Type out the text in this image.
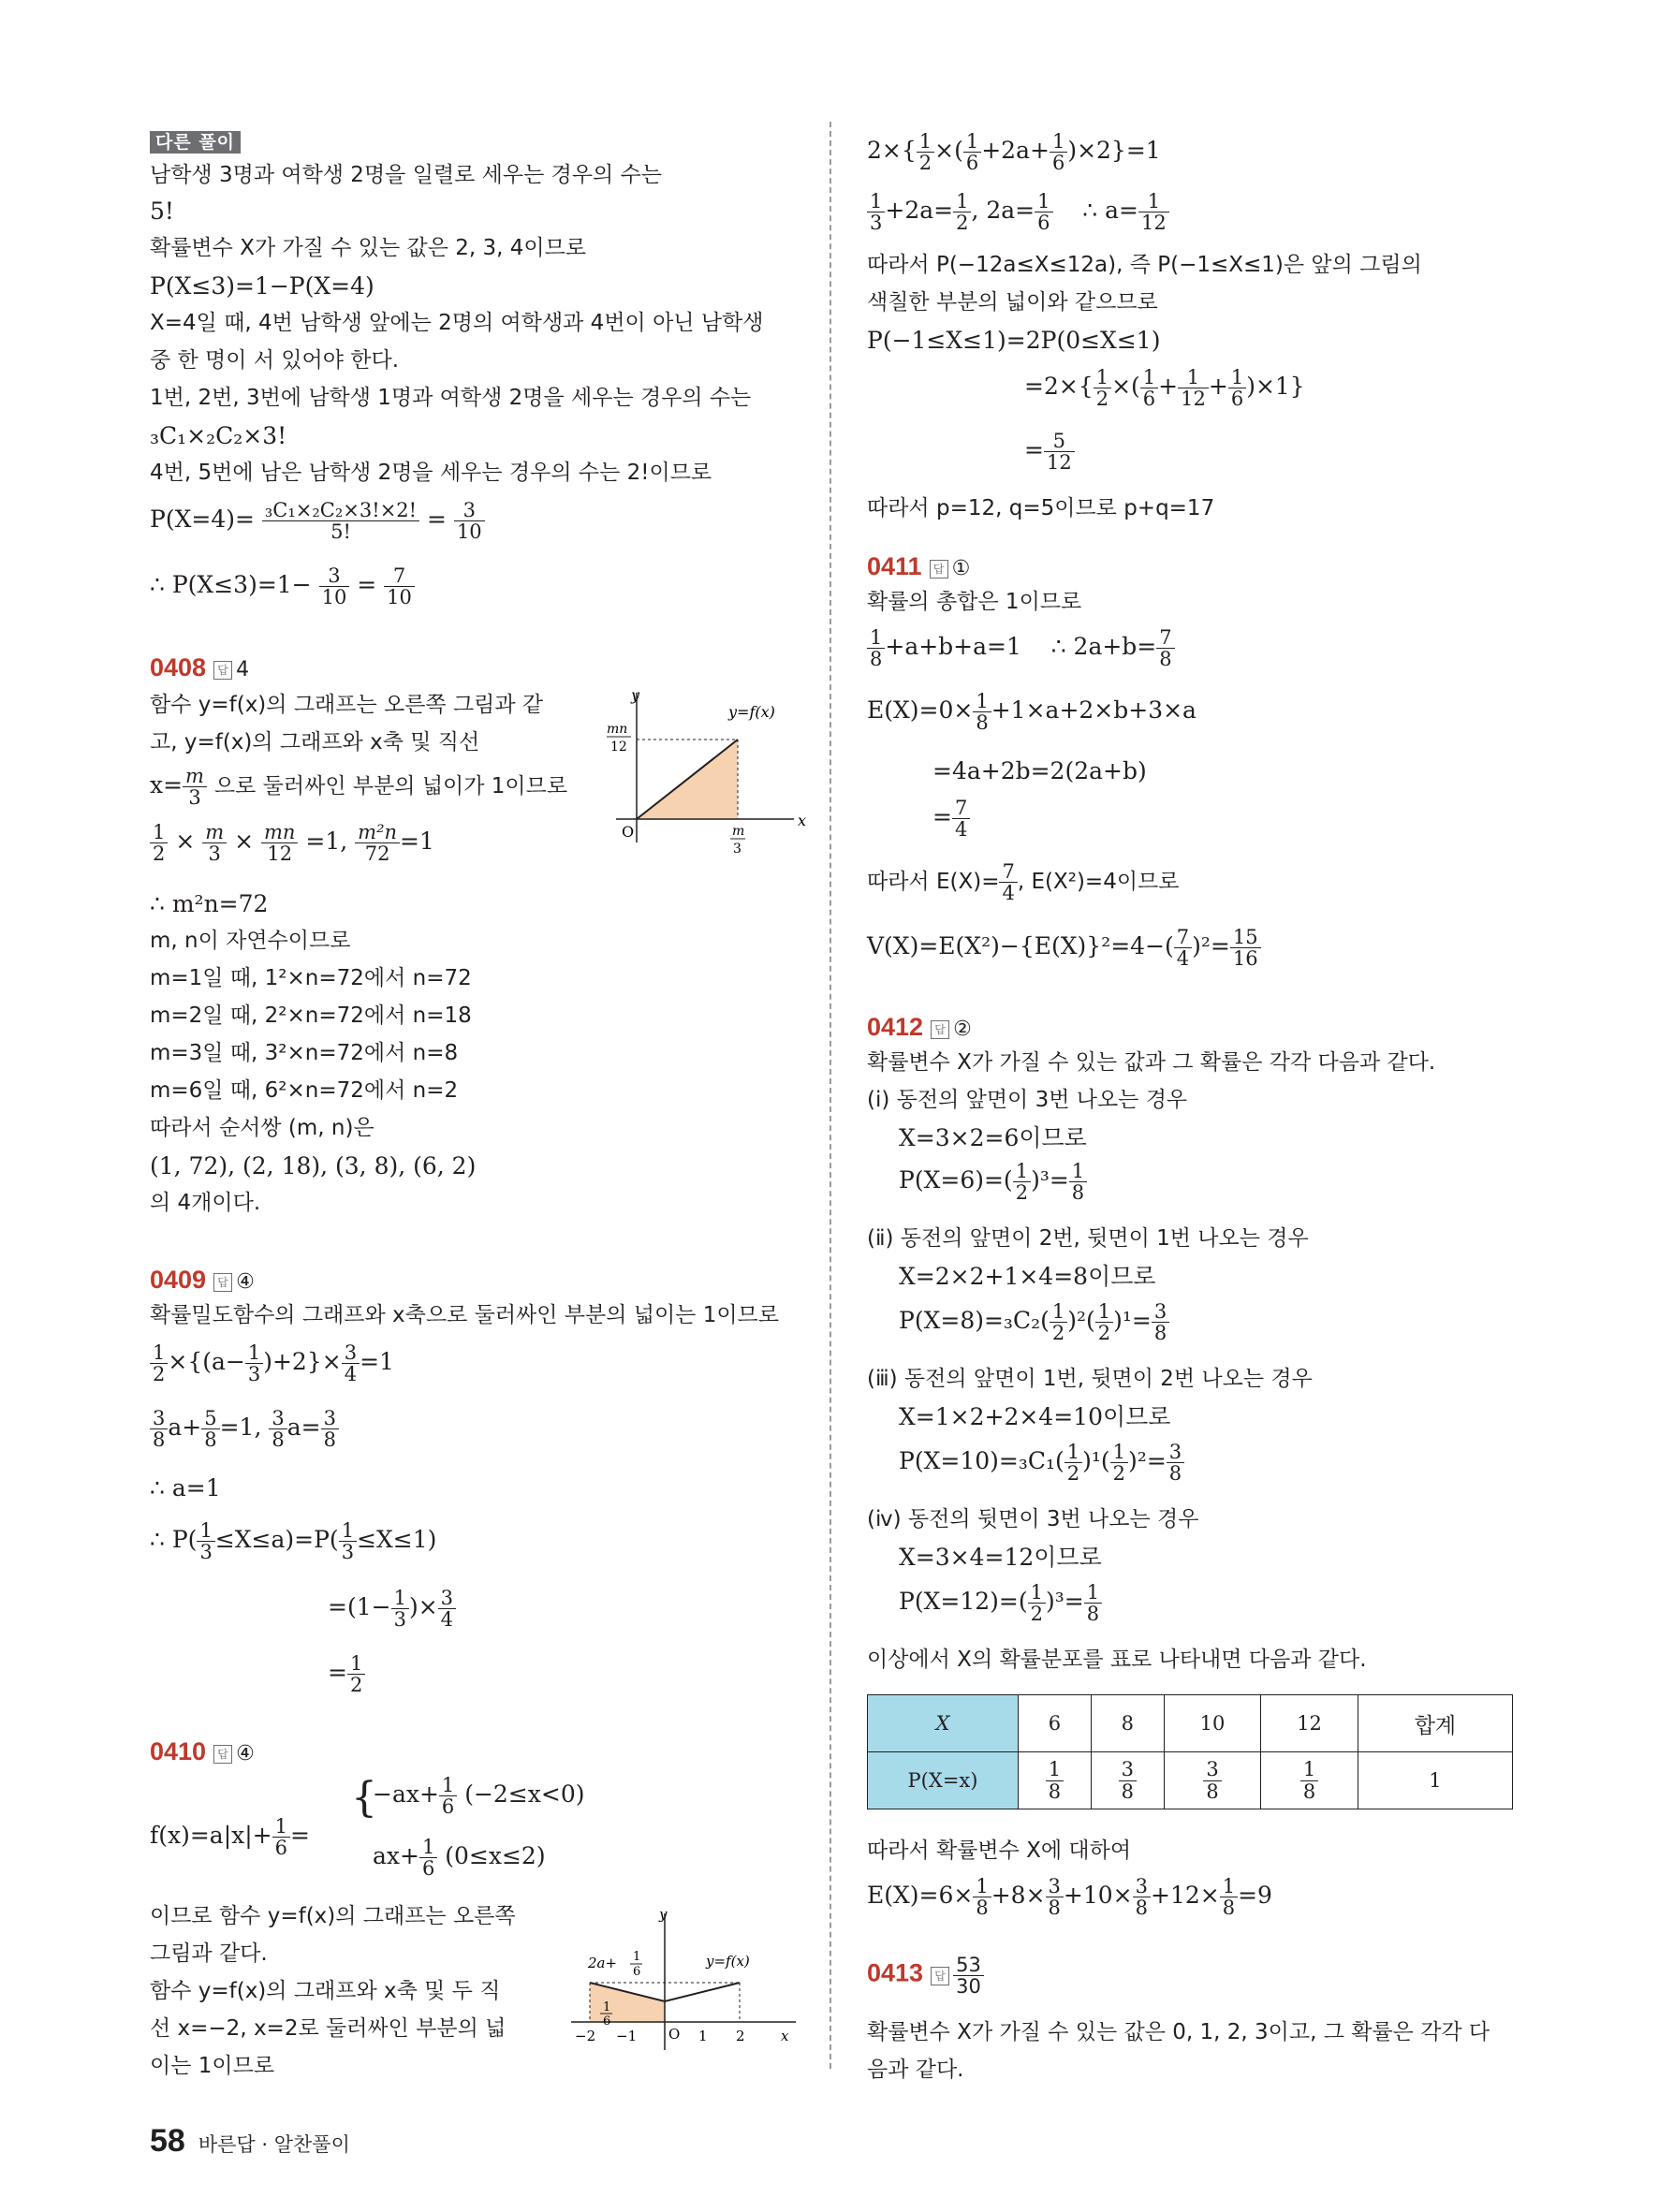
다른 풀이
남학생 3명과 여학생 2명을 일렬로 세우는 경우의 수는
5!
확률변수 X가 가질 수 있는 값은 2, 3, 4이므로
P(X≤3)=1−P(X=4)
X=4일 때, 4번 남학생 앞에는 2명의 여학생과 4번이 아닌 남학생
중 한 명이 서 있어야 한다.
1번, 2번, 3번에 남학생 1명과 여학생 2명을 세우는 경우의 수는
₃C₁×₂C₂×3!
4번, 5번에 남은 남학생 2명을 세우는 경우의 수는 2!이므로
$P(X=4)= \frac{\text{₃C₁×₂C₂×3!×2!}}{5!} = \frac{3}{10}$
∴ $P(X\le 3)=1- \frac{3}{10} = \frac{7}{10}$
0408 답 4
함수 y=f(x)의 그래프는 오른쪽 그림과 같
고, y=f(x)의 그래프와 x축 및 직선
$x= \frac{m}{3}$ 으로 둘러싸인 부분의 넓이가 1이므로
y
x
O
y=f(x)
mn
12
m
3
$\frac{1}{2} \times \frac{m}{3} \times \frac{mn}{12} =1$, $\frac{\text{m²n}}{72} =1$
∴ m²n=72
m, n이 자연수이므로
m=1일 때, 1²×n=72에서 n=72
m=2일 때, 2²×n=72에서 n=18
m=3일 때, 3²×n=72에서 n=8
m=6일 때, 6²×n=72에서 n=2
따라서 순서쌍 (m, n)은
(1, 72), (2, 18), (3, 8), (6, 2)
의 4개이다.
0409 답 ④
확률밀도함수의 그래프와 x축으로 둘러싸인 부분의 넓이는 1이므로
$\frac{1}{2} \times\{(a- \frac{1}{3} )+2\}\times \frac{3}{4} =1$
$\frac{3}{8} a+ \frac{5}{8} =1$, $\frac{3}{8} a= \frac{3}{8}$
∴ a=1
∴ $P( \frac{1}{3} \le X\le a)=P( \frac{1}{3} \le X\le 1)$
$=(1- \frac{1}{3}$ )× $\frac{3}{4}$
= $\frac{1}{2}$
0410 답 ④
$f(x)=a|x|+ \frac{1}{6}$ =
{
$-ax+ \frac{1}{6} (-2\le x<0)$
$ax+ \frac{1}{6} (0\le x\le 2)$
이므로 함수 y=f(x)의 그래프는 오른쪽
그림과 같다.
함수 y=f(x)의 그래프와 x축 및 두 직
선 x=−2, x=2로 둘러싸인 부분의 넓
이는 1이므로
y
x
O
y=f(x)
2a+ 1
6
1
6
−2 −1	1 2
$2\times\{ \frac{1}{2}$ ×( $\frac{1}{6} +2a+ \frac{1}{6} )\times 2\}=1$
$\frac{1}{3} +2a= \frac{1}{2}$ , $2a= \frac{1}{6}$ ∴ $a= \frac{1}{12}$
따라서 P(−12a≤X≤12a), 즉 P(−1≤X≤1)은 앞의 그림의
색칠한 부분의 넓이와 같으므로
P(−1≤X≤1)=2P(0≤X≤1)
$=2\times\{ \frac{1}{2}$ ×( $\frac{1}{6} + \frac{1}{12} + \frac{1}{6} )\times 1$}
= $\frac{5}{12}$
따라서 p=12, q=5이므로 p+q=17
0411 답 ①
확률의 총합은 1이므로
$\frac{1}{8} +a+b+a=1$ ∴ $2a+b= \frac{7}{8}$
$E(X)=0\times \frac{1}{8} +1\times a+2\times b+3\times a$
=4a+2b=2(2a+b)
= $\frac{7}{4}$
따라서 $E(X)= \frac{7}{4}$ , E(X²)=4이므로
$V(X)=E(X^2)-\{E(X)\}^2=4-( \frac{7}{4} )^2= \frac{15}{16}$
0412 답 ②
확률변수 X가 가질 수 있는 값과 그 확률은 각각 다음과 같다.
(ⅰ) 동전의 앞면이 3번 나오는 경우
X=3×2=6이므로
$P(X=6)=( \frac{1}{2} )^3= \frac{1}{8}$
(ⅱ) 동전의 앞면이 2번, 뒷면이 1번 나오는 경우
X=2×2+1×4=8이므로
$P(X=8)=_3C_2( \frac{1}{2} )^2( \frac{1}{2} )^1= \frac{3}{8}$
(ⅲ) 동전의 앞면이 1번, 뒷면이 2번 나오는 경우
X=1×2+2×4=10이므로
$P(X=10)=_3C_1( \frac{1}{2} )^1( \frac{1}{2} )^2= \frac{3}{8}$
(ⅳ) 동전의 뒷면이 3번 나오는 경우
X=3×4=12이므로
$P(X=12)=( \frac{1}{2} )^3= \frac{1}{8}$
이상에서 X의 확률분포를 표로 나타내면 다음과 같다.
X	6	8	10	12	합계
P(X=x)	$\frac{1}{8}$	$\frac{3}{8}$	$\frac{3}{8}$	$\frac{1}{8}$	1
따라서 확률변수 X에 대하여
$E(X)=6\times \frac{1}{8} +8\times \frac{3}{8} +10\times \frac{3}{8} +12\times \frac{1}{8} =9$
0413 답 $\frac{53}{30}$
확률변수 X가 가질 수 있는 값은 0, 1, 2, 3이고, 그 확률은 각각 다
음과 같다.
58 바른답 · 알찬풀이
